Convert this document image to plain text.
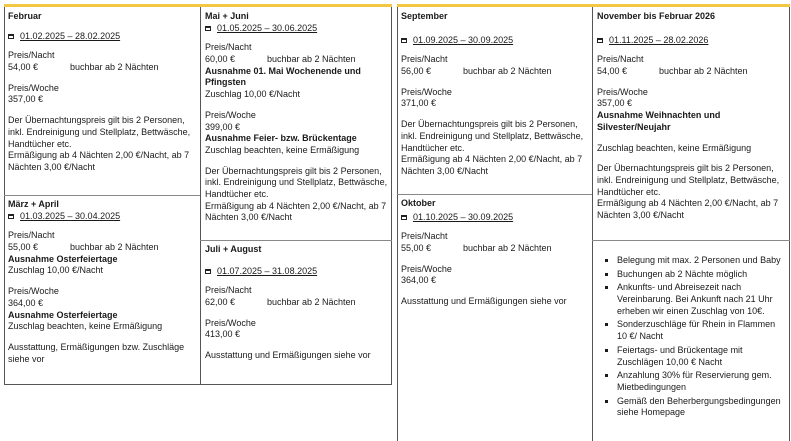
Februar
01.02.2025 – 28.02.2025
Preis/Nacht
54,00 €	buchbar ab 2 Nächten
Preis/Woche
357,00 €
Der Übernachtungspreis gilt bis 2 Personen, inkl. Endreinigung und Stellplatz, Bettwäsche, Handtücher etc.
Ermäßigung ab 4 Nächten 2,00 €/Nacht, ab 7 Nächten 3,00 €/Nacht
März + April
01.03.2025 – 30.04.2025
Preis/Nacht
55,00 €	buchbar ab 2 Nächten
Ausnahme Osterfeiertage
Zuschlag 10,00 €/Nacht
Preis/Woche
364,00 €
Ausnahme Osterfeiertage
Zuschlag beachten, keine Ermäßigung
Ausstattung, Ermäßigungen bzw. Zuschläge siehe vor
Mai + Juni
01.05.2025 – 30.06.2025
Preis/Nacht
60,00 €	buchbar ab 2 Nächten
Ausnahme 01. Mai Wochenende und Pfingsten
Zuschlag 10,00 €/Nacht
Preis/Woche
399,00 €
Ausnahme Feier- bzw. Brückentage
Zuschlag beachten, keine Ermäßigung
Der Übernachtungspreis gilt bis 2 Personen, inkl. Endreinigung und Stellplatz, Bettwäsche, Handtücher etc.
Ermäßigung ab 4 Nächten 2,00 €/Nacht, ab 7 Nächten 3,00 €/Nacht
Juli + August
01.07.2025 – 31.08.2025
Preis/Nacht
62,00 €	buchbar ab 2 Nächten
Preis/Woche
413,00 €
Ausstattung und Ermäßigungen siehe vor
September
01.09.2025 – 30.09.2025
Preis/Nacht
56,00 €	buchbar ab 2 Nächten
Preis/Woche
371,00 €
Der Übernachtungspreis gilt bis 2 Personen, inkl. Endreinigung und Stellplatz, Bettwäsche, Handtücher etc.
Ermäßigung ab 4 Nächten 2,00 €/Nacht, ab 7 Nächten 3,00 €/Nacht
Oktober
01.10.2025 – 30.09.2025
Preis/Nacht
55,00 €	buchbar ab 2 Nächten
Preis/Woche
364,00 €
Ausstattung und Ermäßigungen siehe vor
November bis Februar 2026
01.11.2025 – 28.02.2026
Preis/Nacht
54,00 €	buchbar ab 2 Nächten
Preis/Woche
357,00 €
Ausnahme Weihnachten und Silvester/Neujahr
Zuschlag beachten, keine Ermäßigung
Der Übernachtungspreis gilt bis 2 Personen, inkl. Endreinigung und Stellplatz, Bettwäsche, Handtücher etc.
Ermäßigung ab 4 Nächten 2,00 €/Nacht, ab 7 Nächten 3,00 €/Nacht
▪ Belegung mit max. 2 Personen und Baby
▪ Buchungen ab 2 Nächte möglich
▪ Ankunfts- und Abreisezeit nach Vereinbarung. Bei Ankunft nach 21 Uhr erheben wir einen Zuschlag von 10€.
▪ Sonderzuschläge für Rhein in Flammen 10 €/ Nacht
▪ Feiertags- und Brückentage mit Zuschlägen 10,00 € Nacht
▪ Anzahlung 30% für Reservierung gem. Mietbedingungen
▪ Gemäß den Beherbergungsbedingungen siehe Homepage
